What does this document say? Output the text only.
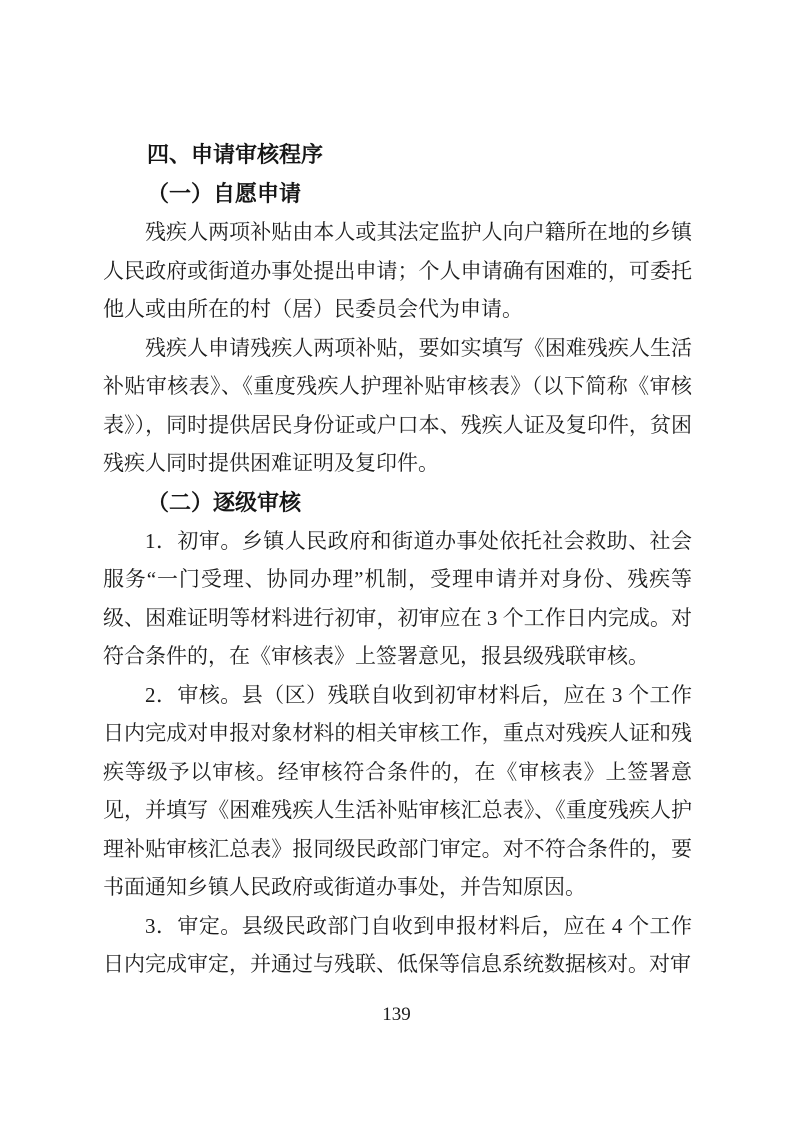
四、申请审核程序
（一）自愿申请

残疾人两项补贴由本人或其法定监护人向户籍所在地的乡镇人民政府或街道办事处提出申请；个人申请确有困难的，可委托他人或由所在的村（居）民委员会代为申请。

残疾人申请残疾人两项补贴，要如实填写《困难残疾人生活补贴审核表》、《重度残疾人护理补贴审核表》（以下简称《审核表》），同时提供居民身份证或户口本、残疾人证及复印件，贫困残疾人同时提供困难证明及复印件。

（二）逐级审核

1．初审。乡镇人民政府和街道办事处依托社会救助、社会服务“一门受理、协同办理”机制，受理申请并对身份、残疾等级、困难证明等材料进行初审，初审应在 3 个工作日内完成。对符合条件的，在《审核表》上签署意见，报县级残联审核。

2．审核。县（区）残联自收到初审材料后，应在 3 个工作日内完成对申报对象材料的相关审核工作，重点对残疾人证和残疾等级予以审核。经审核符合条件的，在《审核表》上签署意见，并填写《困难残疾人生活补贴审核汇总表》、《重度残疾人护理补贴审核汇总表》报同级民政部门审定。对不符合条件的，要书面通知乡镇人民政府或街道办事处，并告知原因。

3．审定。县级民政部门自收到申报材料后，应在 4 个工作日内完成审定，并通过与残联、低保等信息系统数据核对。对审

139
